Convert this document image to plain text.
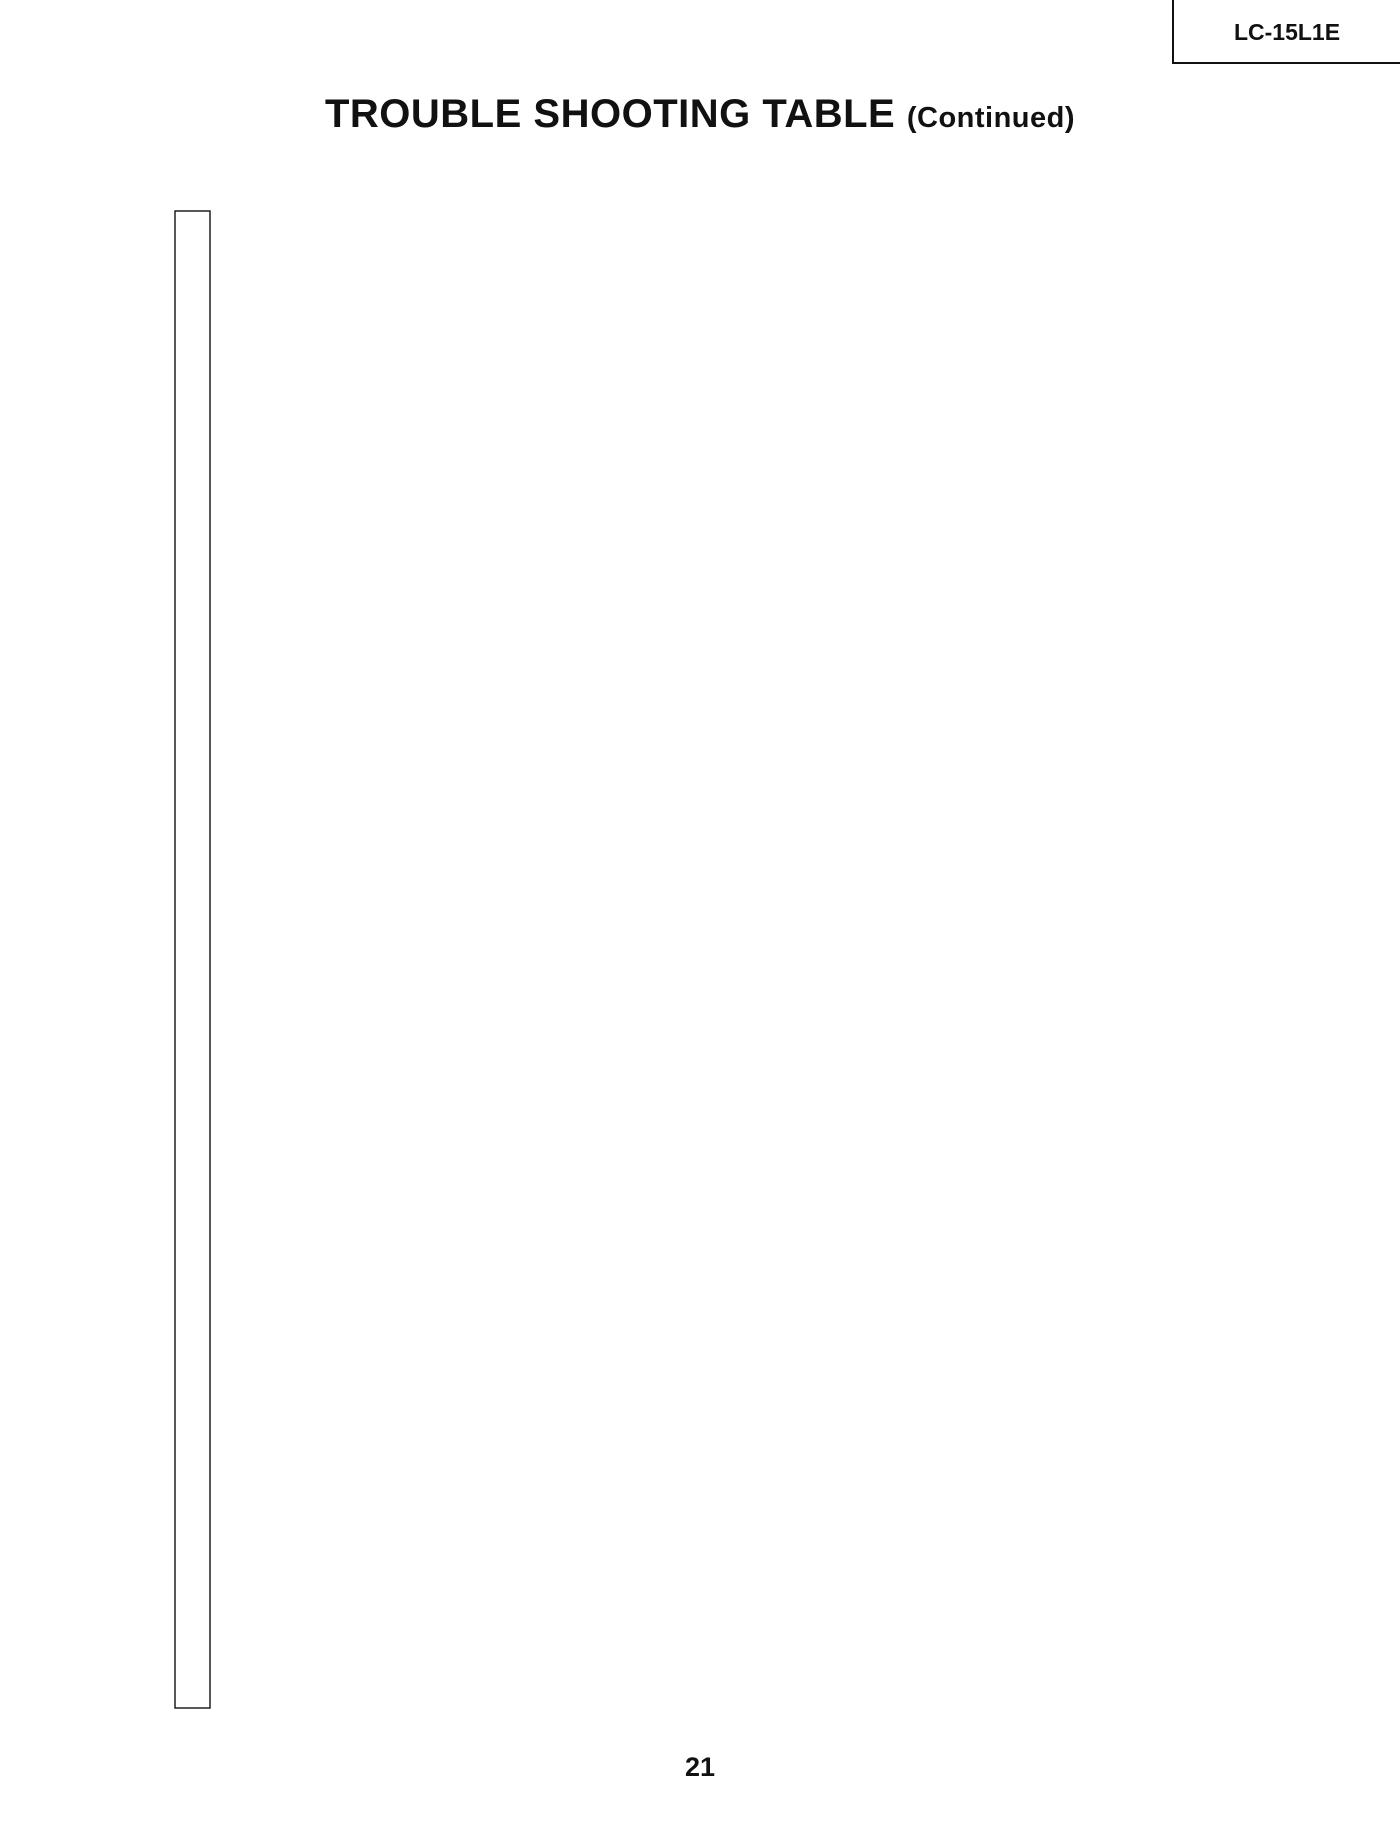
LC-15L1E
TROUBLE SHOOTING TABLE (Continued)
21
